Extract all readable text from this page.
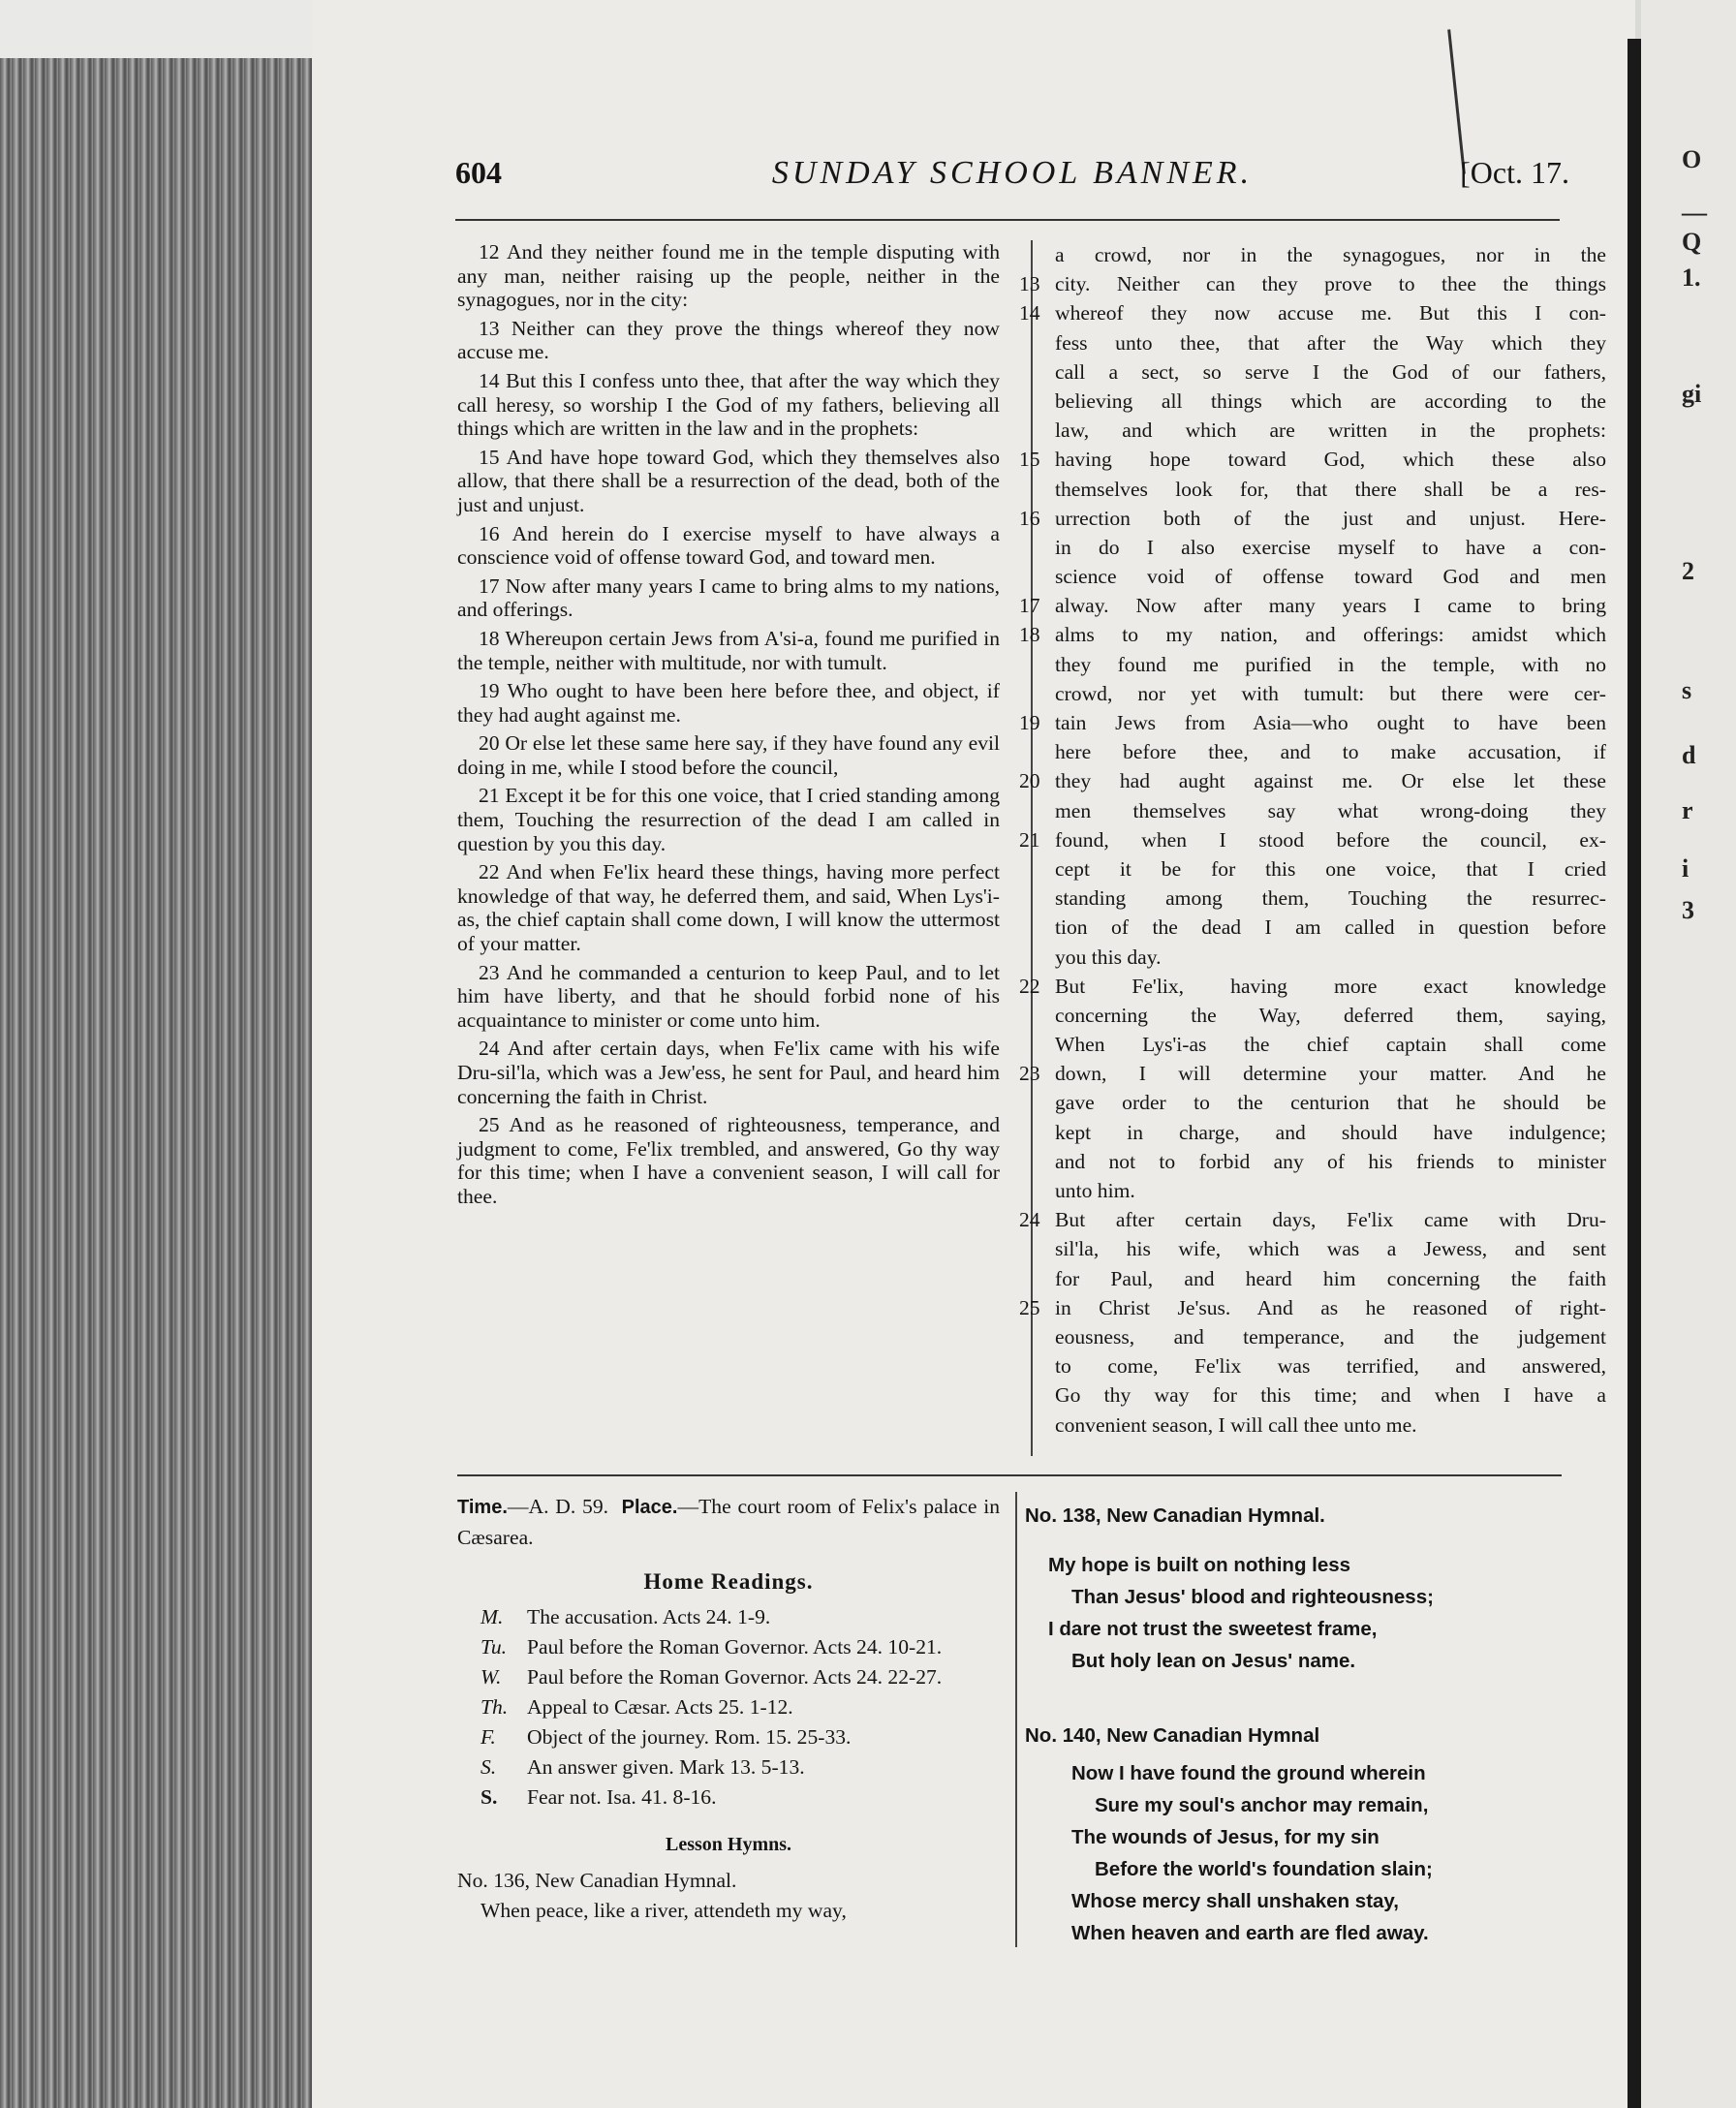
604	SUNDAY SCHOOL BANNER.	[Oct. 17.

12 And they neither found me in the temple disputing with any man, neither raising up the people, neither in the synagogues, nor in the city:

13 Neither can they prove the things whereof they now accuse me.

14 But this I confess unto thee, that after the way which they call heresy, so worship I the God of my fathers, believing all things which are written in the law and in the prophets:

15 And have hope toward God, which they themselves also allow, that there shall be a resurrection of the dead, both of the just and unjust.

16 And herein do I exercise myself to have always a conscience void of offense toward God, and toward men.

17 Now after many years I came to bring alms to my nations, and offerings.

18 Whereupon certain Jews from A'si-a, found me purified in the temple, neither with multitude, nor with tumult.

19 Who ought to have been here before thee, and object, if they had aught against me.

20 Or else let these same here say, if they have found any evil doing in me, while I stood before the council,

21 Except it be for this one voice, that I cried standing among them, Touching the resurrection of the dead I am called in question by you this day.

22 And when Fe'lix heard these things, having more perfect knowledge of that way, he deferred them, and said, When Lys'i-as, the chief captain shall come down, I will know the uttermost of your matter.

23 And he commanded a centurion to keep Paul, and to let him have liberty, and that he should forbid none of his acquaintance to minister or come unto him.

24 And after certain days, when Fe'lix came with his wife Dru-sil'la, which was a Jew'ess, he sent for Paul, and heard him concerning the faith in Christ.

25 And as he reasoned of righteousness, temperance, and judgment to come, Fe'lix trembled, and answered, Go thy way for this time; when I have a convenient season, I will call for thee.

a crowd, nor in the synagogues, nor in the
13 city. Neither can they prove to thee the things
14 whereof they now accuse me. But this I con-
fess unto thee, that after the Way which they
call a sect, so serve I the God of our fathers,
believing all things which are according to the
law, and which are written in the prophets:
15 having hope toward God, which these also
themselves look for, that there shall be a res-
16 urrection both of the just and unjust. Here-
in do I also exercise myself to have a con-
science void of offense toward God and men
17 alway. Now after many years I came to bring
18 alms to my nation, and offerings: amidst which
they found me purified in the temple, with no
crowd, nor yet with tumult: but there were cer-
19 tain Jews from Asia—who ought to have been
here before thee, and to make accusation, if
20 they had aught against me. Or else let these
men themselves say what wrong-doing they
21 found, when I stood before the council, ex-
cept it be for this one voice, that I cried
standing among them, Touching the resurrec-
tion of the dead I am called in question before
you this day.
22 But Fe'lix, having more exact knowledge
concerning the Way, deferred them, saying,
When Lys'i-as the chief captain shall come
23 down, I will determine your matter. And he
gave order to the centurion that he should be
kept in charge, and should have indulgence;
and not to forbid any of his friends to minister
unto him.
24 But after certain days, Fe'lix came with Dru-
sil'la, his wife, which was a Jewess, and sent
for Paul, and heard him concerning the faith
25 in Christ Je'sus. And as he reasoned of right-
eousness, and temperance, and the judgement
to come, Fe'lix was terrified, and answered,
Go thy way for this time; and when I have a
convenient season, I will call thee unto me.

Time.—A. D. 59. Place.—The court room of Felix's palace in Cæsarea.

Home Readings.

M. The accusation. Acts 24. 1-9.

Tu. Paul before the Roman Governor. Acts 24. 10-21.

W. Paul before the Roman Governor. Acts 24. 22-27.

Th. Appeal to Cæsar. Acts 25. 1-12.

F. Object of the journey. Rom. 15. 25-33.

S. An answer given. Mark 13. 5-13.

S. Fear not. Isa. 41. 8-16.

Lesson Hymns.

No. 136, New Canadian Hymnal.

When peace, like a river, attendeth my way,

No. 138, New Canadian Hymnal.

My hope is built on nothing less

Than Jesus' blood and righteousness;

I dare not trust the sweetest frame,

But holy lean on Jesus' name.

No. 140, New Canadian Hymnal

Now I have found the ground wherein

Sure my soul's anchor may remain,

The wounds of Jesus, for my sin

Before the world's foundation slain;

Whose mercy shall unshaken stay,

When heaven and earth are fled away.

O
—
Q
1.
gi
2
s
d
r
i
3
